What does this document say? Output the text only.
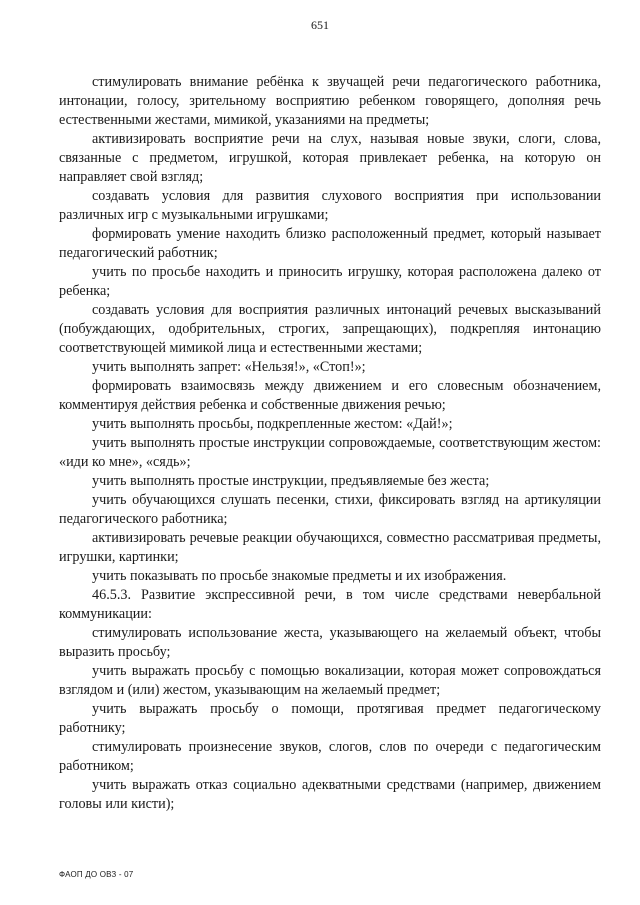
651

стимулировать внимание ребёнка к звучащей речи педагогического работника, интонации, голосу, зрительному восприятию ребенком говорящего, дополняя речь естественными жестами, мимикой, указаниями на предметы;

активизировать восприятие речи на слух, называя новые звуки, слоги, слова, связанные с предметом, игрушкой, которая привлекает ребенка, на которую он направляет свой взгляд;

создавать условия для развития слухового восприятия при использовании различных игр с музыкальными игрушками;

формировать умение находить близко расположенный предмет, который называет педагогический работник;

учить по просьбе находить и приносить игрушку, которая расположена далеко от ребенка;

создавать условия для восприятия различных интонаций речевых высказываний (побуждающих, одобрительных, строгих, запрещающих), подкрепляя интонацию соответствующей мимикой лица и естественными жестами;

учить выполнять запрет: «Нельзя!», «Стоп!»;

формировать взаимосвязь между движением и его словесным обозначением, комментируя действия ребенка и собственные движения речью;

учить выполнять просьбы, подкрепленные жестом: «Дай!»;

учить выполнять простые инструкции сопровождаемые, соответствующим жестом: «иди ко мне», «сядь»;

учить выполнять простые инструкции, предъявляемые без жеста;

учить обучающихся слушать песенки, стихи, фиксировать взгляд на артикуляции педагогического работника;

активизировать речевые реакции обучающихся, совместно рассматривая предметы, игрушки, картинки;

учить показывать по просьбе знакомые предметы и их изображения.

46.5.3. Развитие экспрессивной речи, в том числе средствами невербальной коммуникации:

стимулировать использование жеста, указывающего на желаемый объект, чтобы выразить просьбу;

учить выражать просьбу с помощью вокализации, которая может сопровождаться взглядом и (или) жестом, указывающим на желаемый предмет;

учить выражать просьбу о помощи, протягивая предмет педагогическому работнику;

стимулировать произнесение звуков, слогов, слов по очереди с педагогическим работником;

учить выражать отказ социально адекватными средствами (например, движением головы или кисти);

ФАОП ДО ОВЗ - 07
